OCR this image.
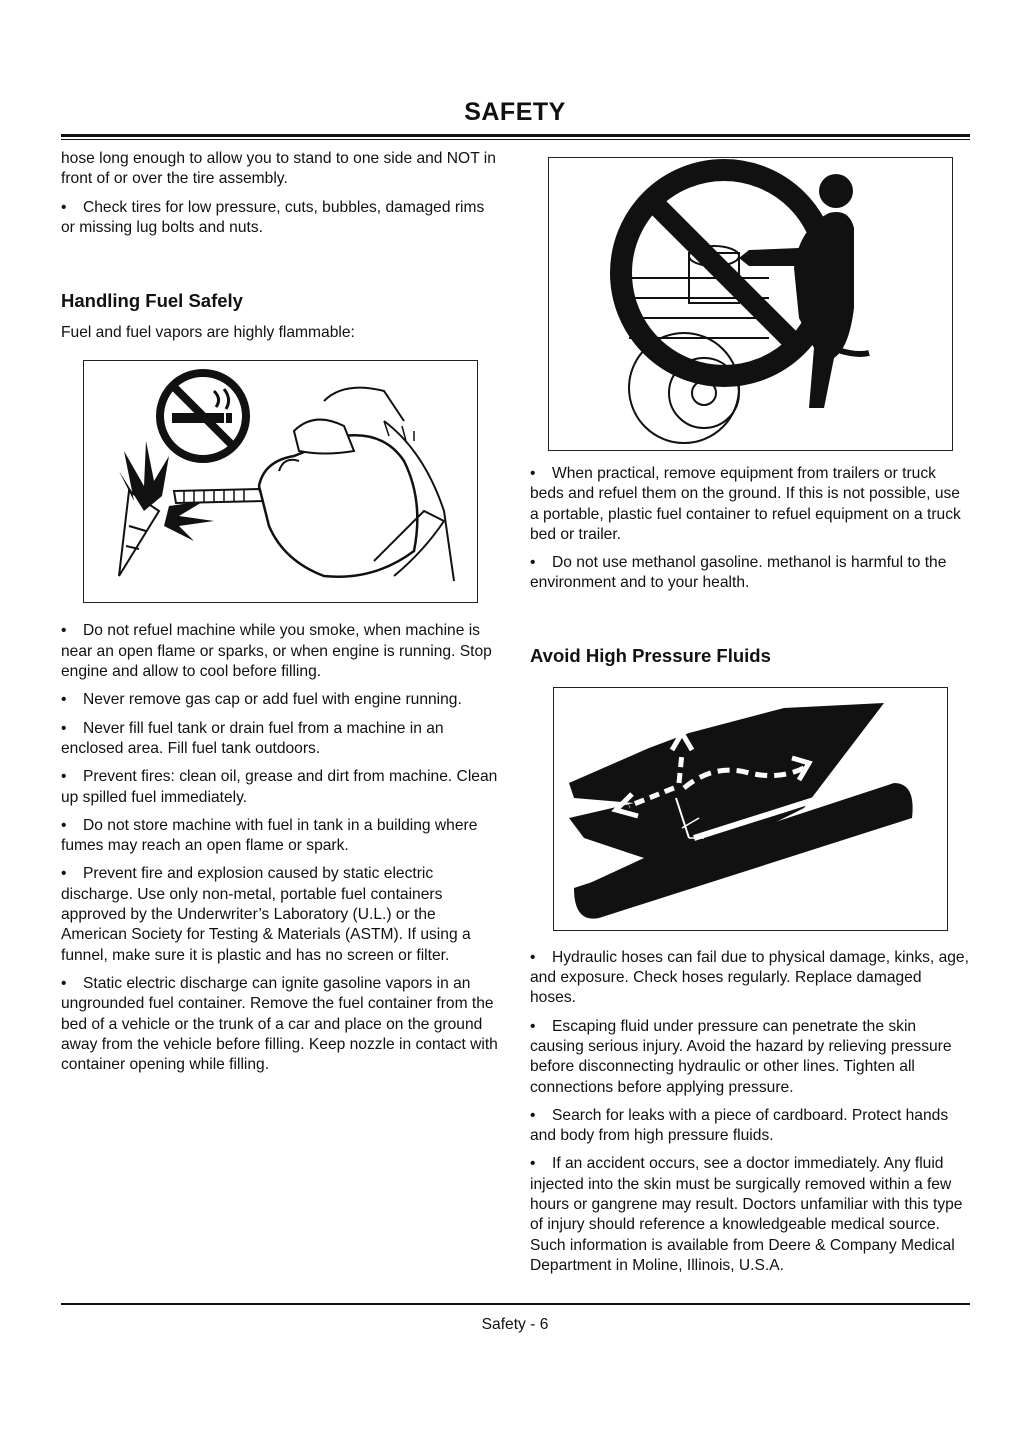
SAFETY

hose long enough to allow you to stand to one side and NOT in front of or over the tire assembly.

• Check tires for low pressure, cuts, bubbles, damaged rims or missing lug bolts and nuts.

Handling Fuel Safely

Fuel and fuel vapors are highly flammable:

• Do not refuel machine while you smoke, when machine is near an open flame or sparks, or when engine is running. Stop engine and allow to cool before filling.

• Never remove gas cap or add fuel with engine running.

• Never fill fuel tank or drain fuel from a machine in an enclosed area. Fill fuel tank outdoors.

• Prevent fires: clean oil, grease and dirt from machine. Clean up spilled fuel immediately.

• Do not store machine with fuel in tank in a building where fumes may reach an open flame or spark.

• Prevent fire and explosion caused by static electric discharge. Use only non-metal, portable fuel containers approved by the Underwriter’s Laboratory (U.L.) or the American Society for Testing & Materials (ASTM). If using a funnel, make sure it is plastic and has no screen or filter.

• Static electric discharge can ignite gasoline vapors in an ungrounded fuel container. Remove the fuel container from the bed of a vehicle or the trunk of a car and place on the ground away from the vehicle before filling. Keep nozzle in contact with container opening while filling.

• When practical, remove equipment from trailers or truck beds and refuel them on the ground. If this is not possible, use a portable, plastic fuel container to refuel equipment on a truck bed or trailer.

• Do not use methanol gasoline. methanol is harmful to the environment and to your health.

Avoid High Pressure Fluids

• Hydraulic hoses can fail due to physical damage, kinks, age, and exposure. Check hoses regularly. Replace damaged hoses.

• Escaping fluid under pressure can penetrate the skin causing serious injury. Avoid the hazard by relieving pressure before disconnecting hydraulic or other lines. Tighten all connections before applying pressure.

• Search for leaks with a piece of cardboard. Protect hands and body from high pressure fluids.

• If an accident occurs, see a doctor immediately. Any fluid injected into the skin must be surgically removed within a few hours or gangrene may result. Doctors unfamiliar with this type of injury should reference a knowledgeable medical source. Such information is available from Deere & Company Medical Department in Moline, Illinois, U.S.A.

Safety - 6
